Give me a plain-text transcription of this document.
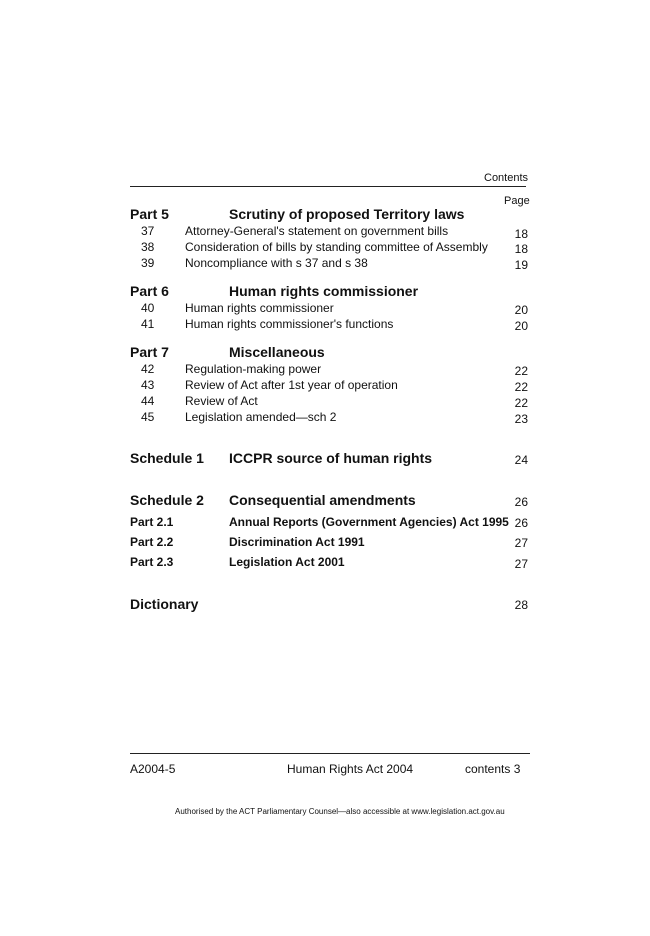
Contents
Page
Part 5	Scrutiny of proposed Territory laws
37	Attorney-General's statement on government bills	18
38	Consideration of bills by standing committee of Assembly	18
39	Noncompliance with s 37 and s 38	19
Part 6	Human rights commissioner
40	Human rights commissioner	20
41	Human rights commissioner's functions	20
Part 7	Miscellaneous
42	Regulation-making power	22
43	Review of Act after 1st year of operation	22
44	Review of Act	22
45	Legislation amended—sch 2	23
Schedule 1 ICCPR source of human rights	24
Schedule 2 Consequential amendments	26
Part 2.1	Annual Reports (Government Agencies) Act 1995 26
Part 2.2	Discrimination Act 1991	27
Part 2.3	Legislation Act 2001	27
Dictionary	28
A2004-5	Human Rights Act 2004	contents 3
Authorised by the ACT Parliamentary Counsel—also accessible at www.legislation.act.gov.au
